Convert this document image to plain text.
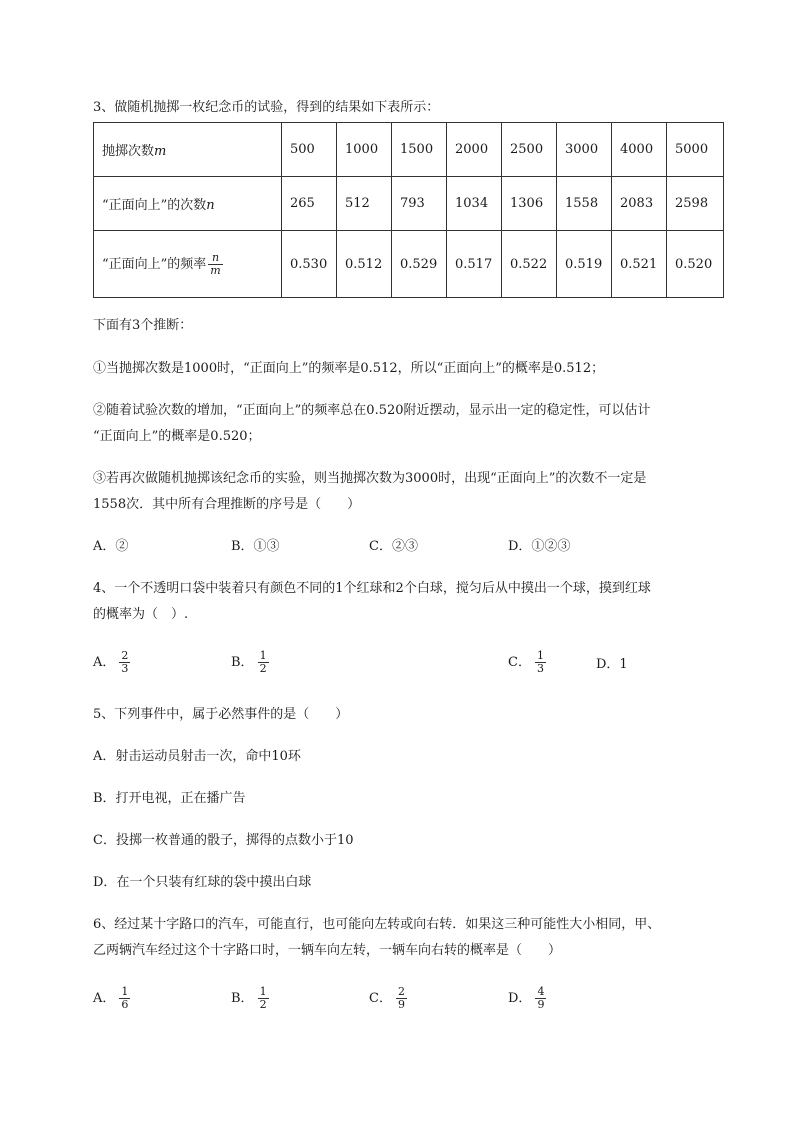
3、做随机抛掷一枚纪念币的试验，得到的结果如下表所示：
抛掷次数m	500	1000	1500	2000	2500	3000	4000	5000
“正面向上”的次数n	265	512	793	1034	1306	1558	2083	2598
“正面向上”的频率 $\frac{n}{m}$	0.530	0.512	0.529	0.517	0.522	0.519	0.521	0.520
下面有3个推断：
①当抛掷次数是1000时，“正面向上”的频率是0.512，所以“正面向上”的概率是0.512；
②随着试验次数的增加，“正面向上”的频率总在0.520附近摆动，显示出一定的稳定性，可以估计
“正面向上”的概率是0.520；
③若再次做随机抛掷该纪念币的实验，则当抛掷次数为3000时，出现“正面向上”的次数不一定是
1558次．其中所有合理推断的序号是（　　）
A．②	B．①③	C．②③	D．①②③
4、一个不透明口袋中装着只有颜色不同的1个红球和2个白球，搅匀后从中摸出一个球，摸到红球
的概率为（　）.
A． $\frac{2}{3}$	B． $\frac{1}{2}$	C． $\frac{1}{3}$	D．1
5、下列事件中，属于必然事件的是（　　）
A．射击运动员射击一次，命中10环
B．打开电视，正在播广告
C．投掷一枚普通的骰子，掷得的点数小于10
D．在一个只装有红球的袋中摸出白球
6、经过某十字路口的汽车，可能直行，也可能向左转或向右转．如果这三种可能性大小相同，甲、
乙两辆汽车经过这个十字路口时，一辆车向左转，一辆车向右转的概率是（　　）
A． $\frac{1}{6}$	B． $\frac{1}{2}$	C． $\frac{2}{9}$	D． $\frac{4}{9}$
